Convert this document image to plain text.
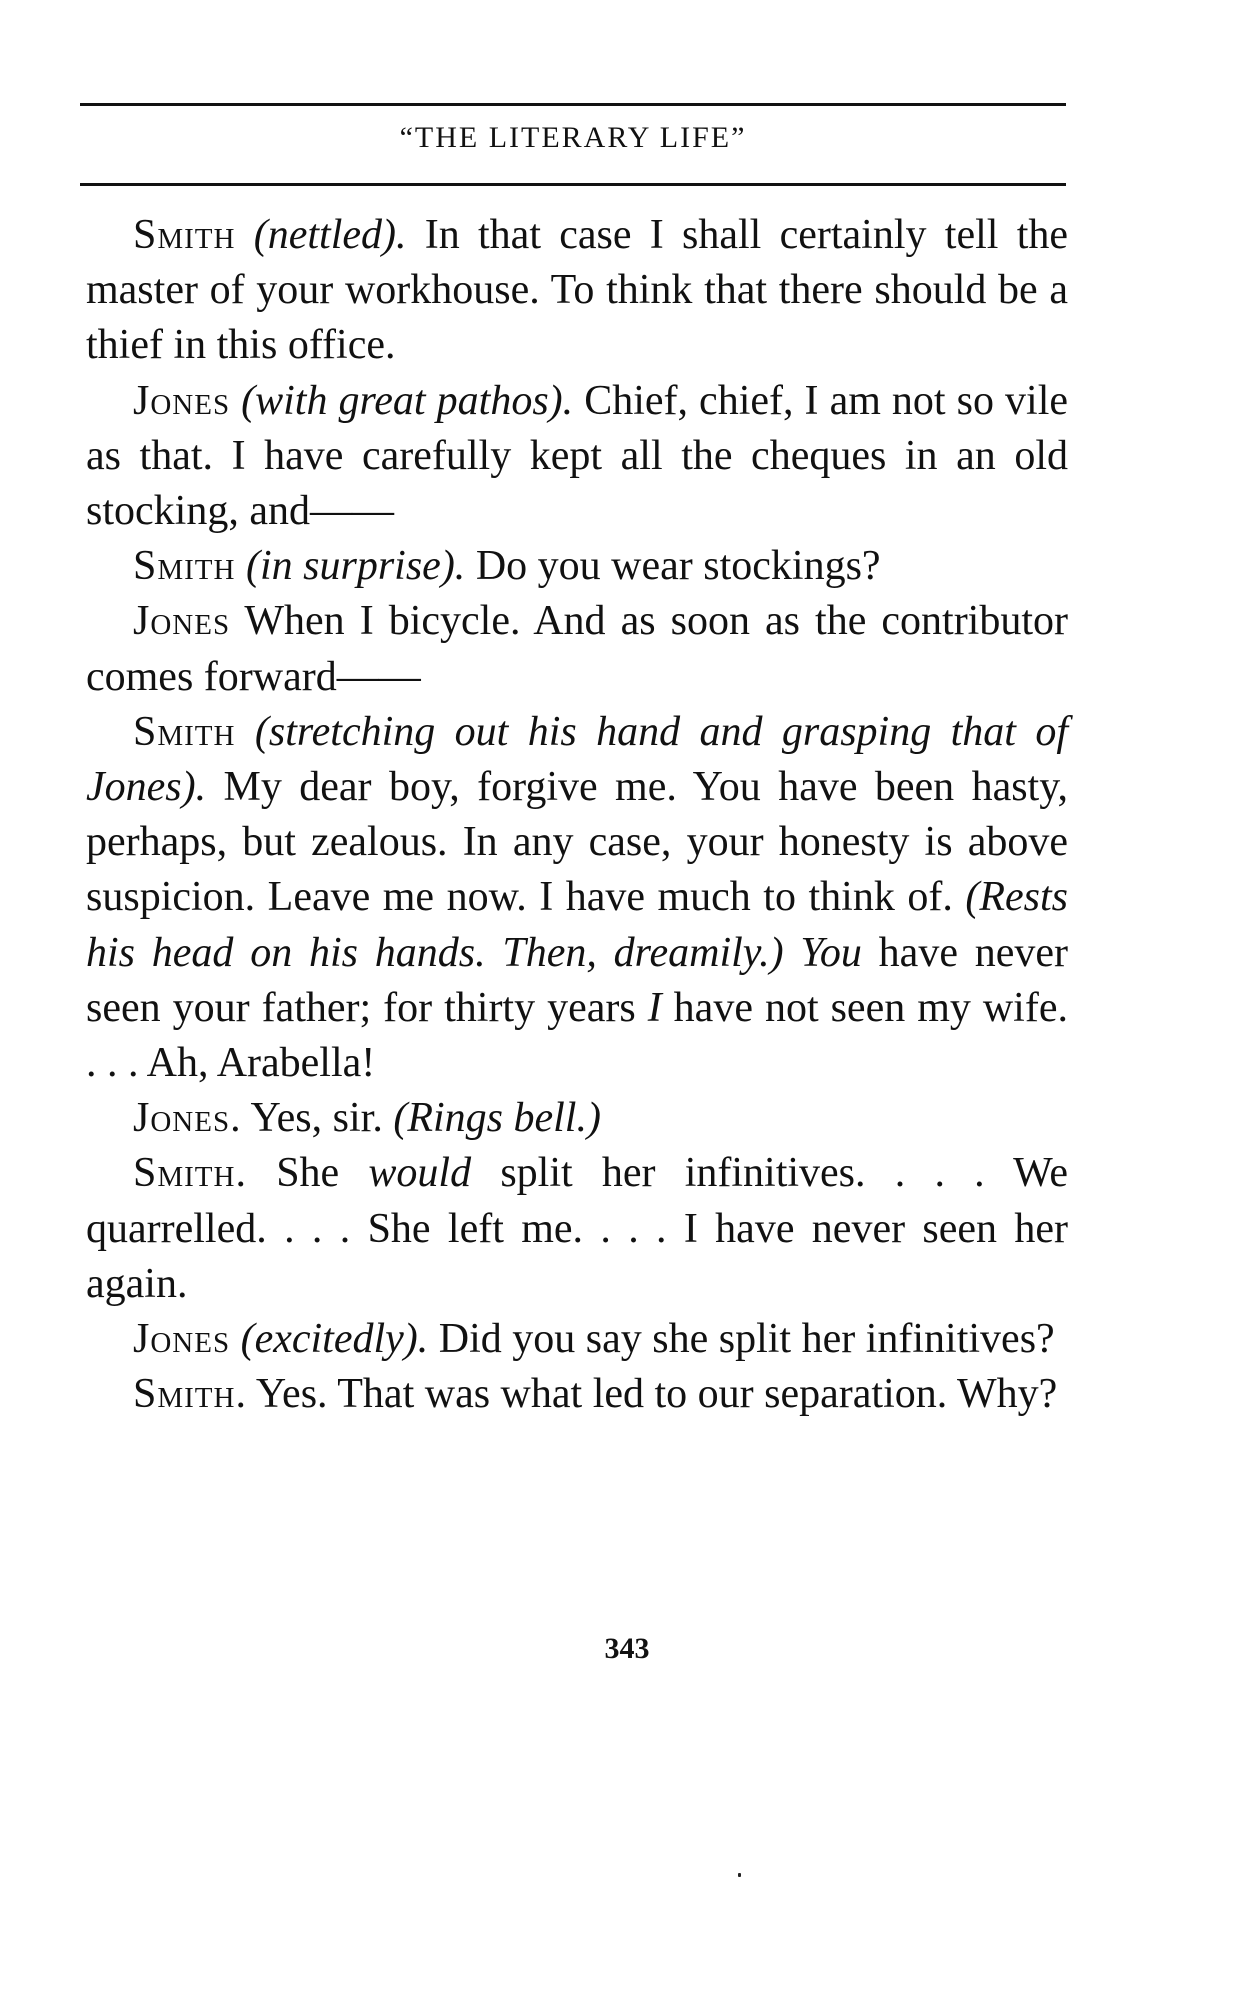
“THE LITERARY LIFE”

Smith (nettled). In that case I shall certainly tell the master of your workhouse. To think that there should be a thief in this office.

Jones (with great pathos). Chief, chief, I am not so vile as that. I have carefully kept all the cheques in an old stocking, and——

Smith (in surprise). Do you wear stockings?

Jones When I bicycle. And as soon as the contributor comes forward——

Smith (stretching out his hand and grasping that of Jones). My dear boy, forgive me. You have been hasty, perhaps, but zealous. In any case, your honesty is above suspicion. Leave me now. I have much to think of. (Rests his head on his hands. Then, dreamily.) You have never seen your father; for thirty years I have not seen my wife. . . . Ah, Arabella!

Jones. Yes, sir. (Rings bell.)

Smith. She would split her infinitives. . . . We quarrelled. . . . She left me. . . . I have never seen her again.

Jones (excitedly). Did you say she split her infinitives?

Smith. Yes. That was what led to our separation. Why?

343
